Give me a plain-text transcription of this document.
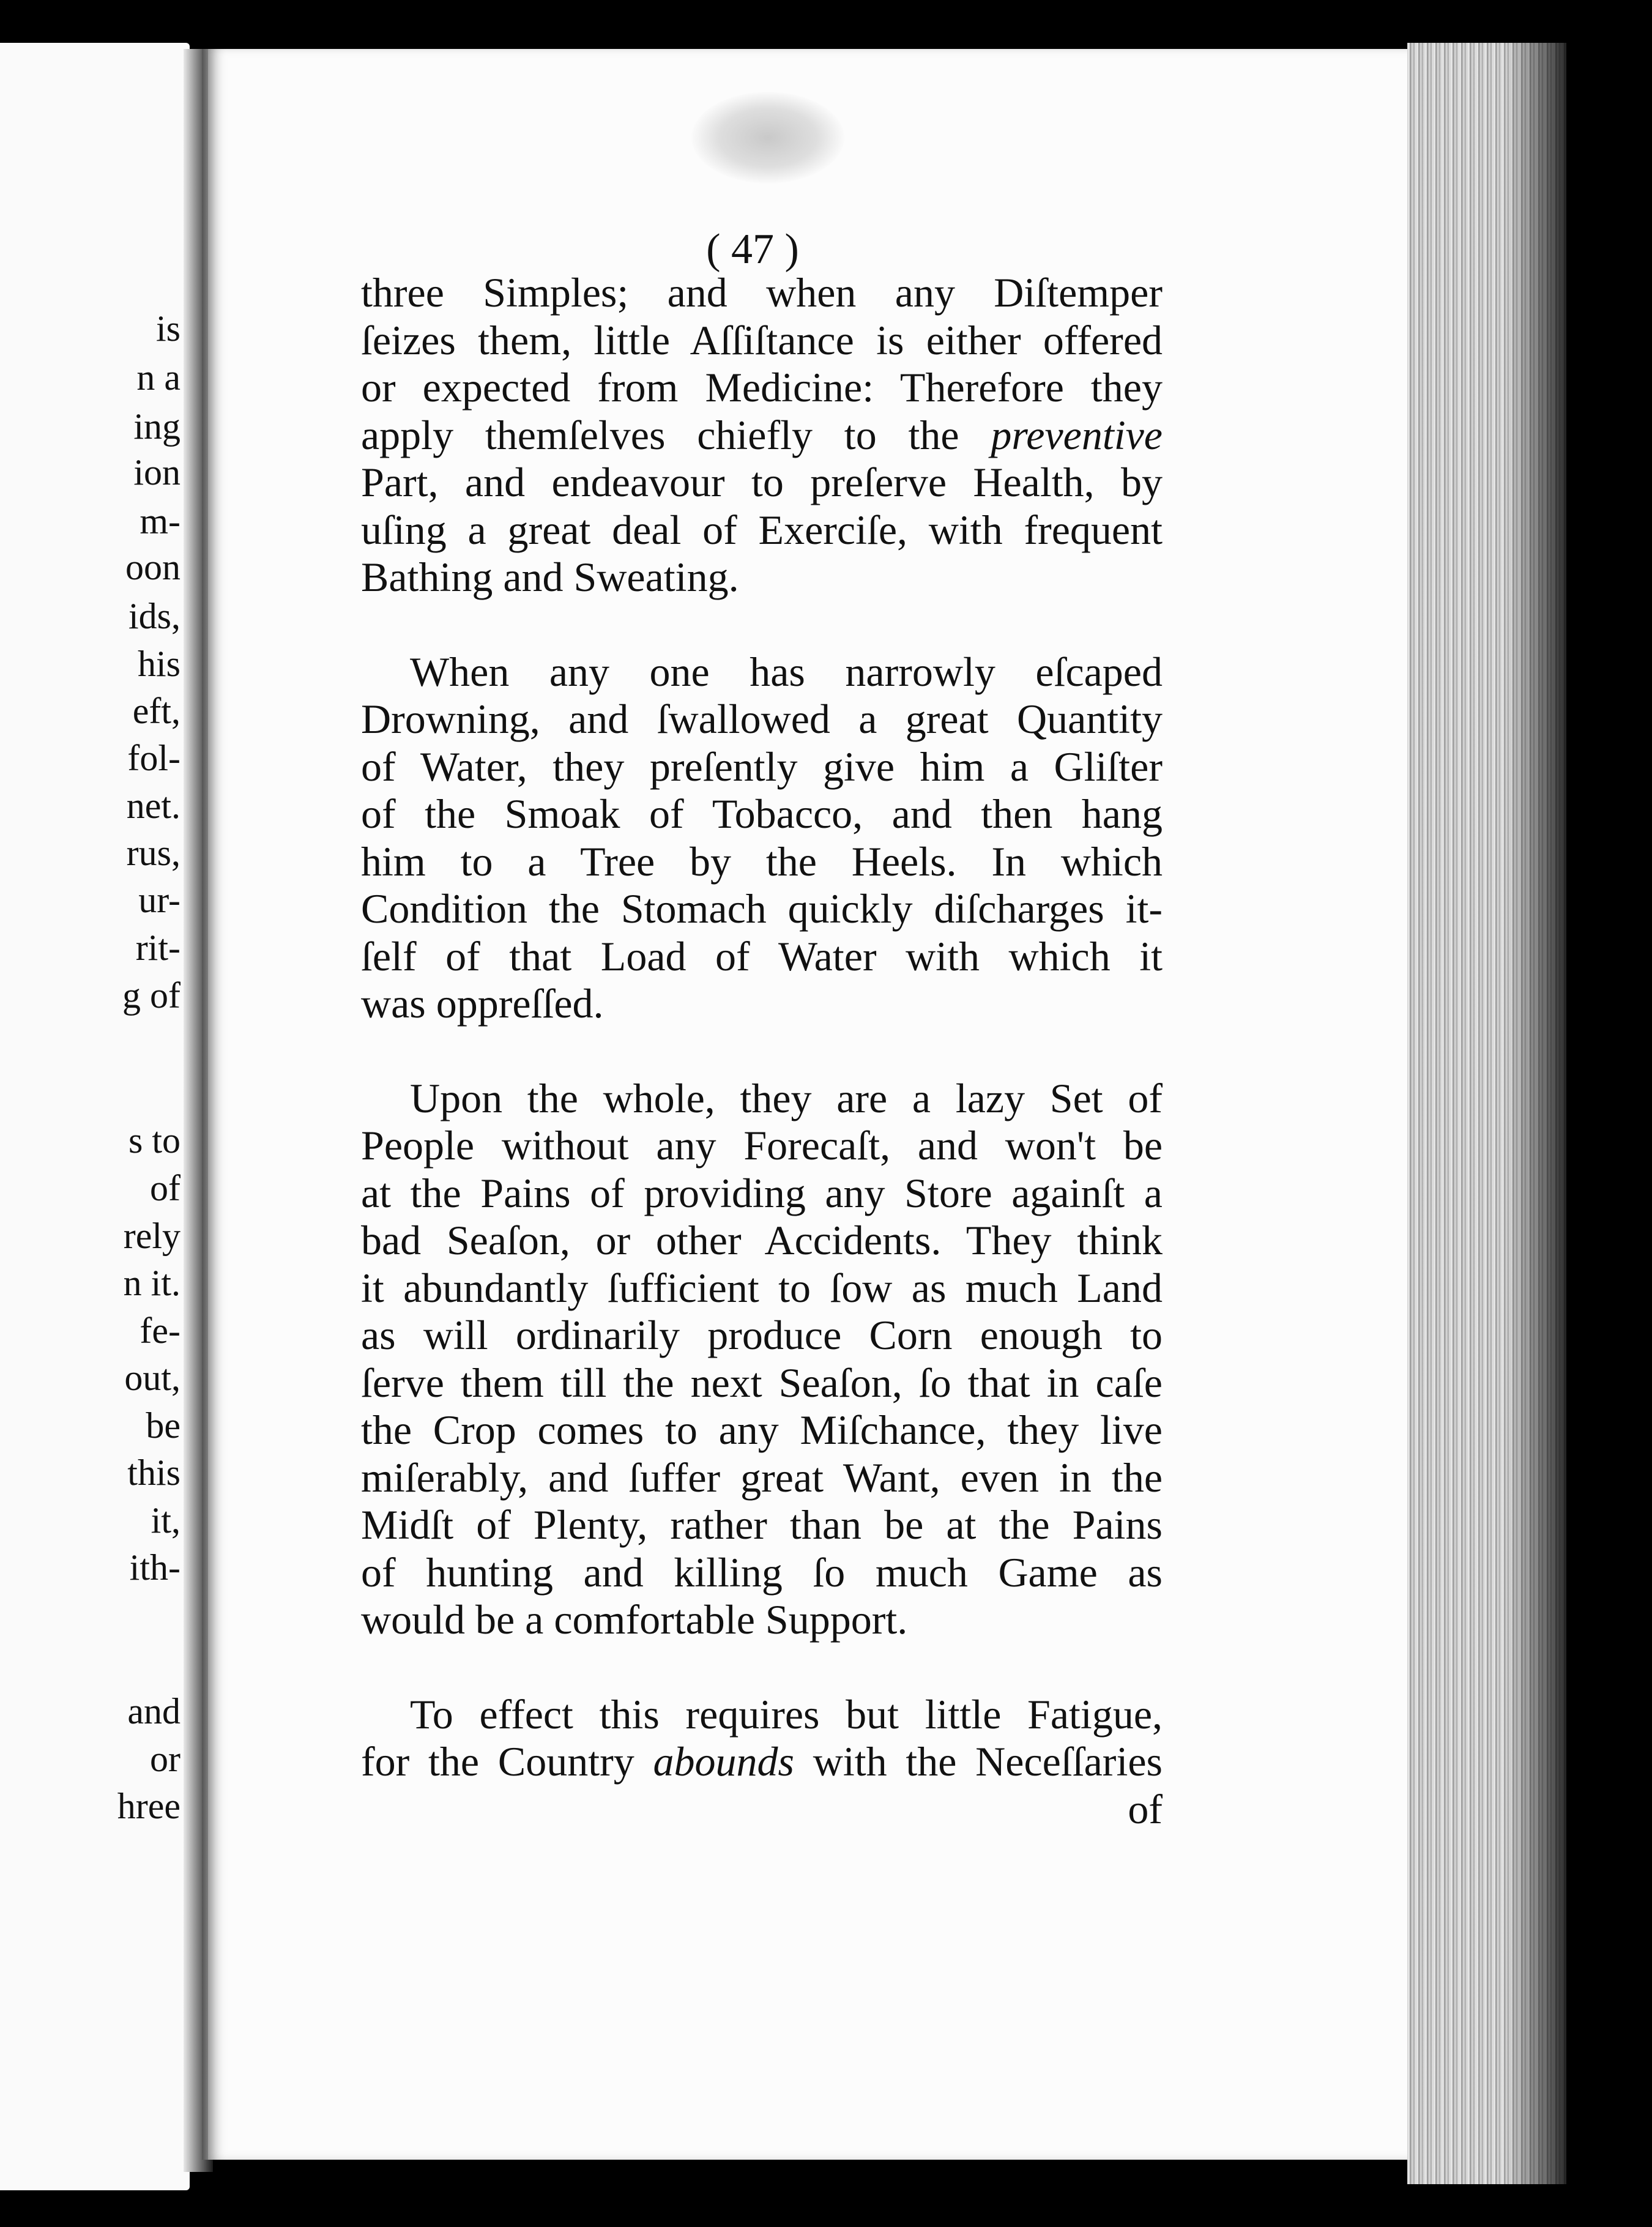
is
n a
ing
ion
m-
oon
ids,
his
eft,
fol-
net.
rus,
ur-
rit-
g of
s to
of
rely
n it.
fe-
out,
be
this
it,
ith-
and
or
hree
( 47 )
three Simples; and when any Diſtemper
ſeizes them, little Aſſiſtance is either offered
or expected from Medicine: Therefore they
apply themſelves chiefly to the preventive
Part, and endeavour to preſerve Health, by
uſing a great deal of Exerciſe, with frequent
Bathing and Sweating.
When any one has narrowly eſcaped
Drowning, and ſwallowed a great Quantity
of Water, they preſently give him a Gliſter
of the Smoak of Tobacco, and then hang
him to a Tree by the Heels. In which
Condition the Stomach quickly diſcharges it-
ſelf of that Load of Water with which it
was oppreſſed.
Upon the whole, they are a lazy Set of
People without any Forecaſt, and won't be
at the Pains of providing any Store againſt a
bad Seaſon, or other Accidents. They think
it abundantly ſufficient to ſow as much Land
as will ordinarily produce Corn enough to
ſerve them till the next Seaſon, ſo that in caſe
the Crop comes to any Miſchance, they live
miſerably, and ſuffer great Want, even in the
Midſt of Plenty, rather than be at the Pains
of hunting and killing ſo much Game as
would be a comfortable Support.
To effect this requires but little Fatigue,
for the Country abounds with the Neceſſaries
of
